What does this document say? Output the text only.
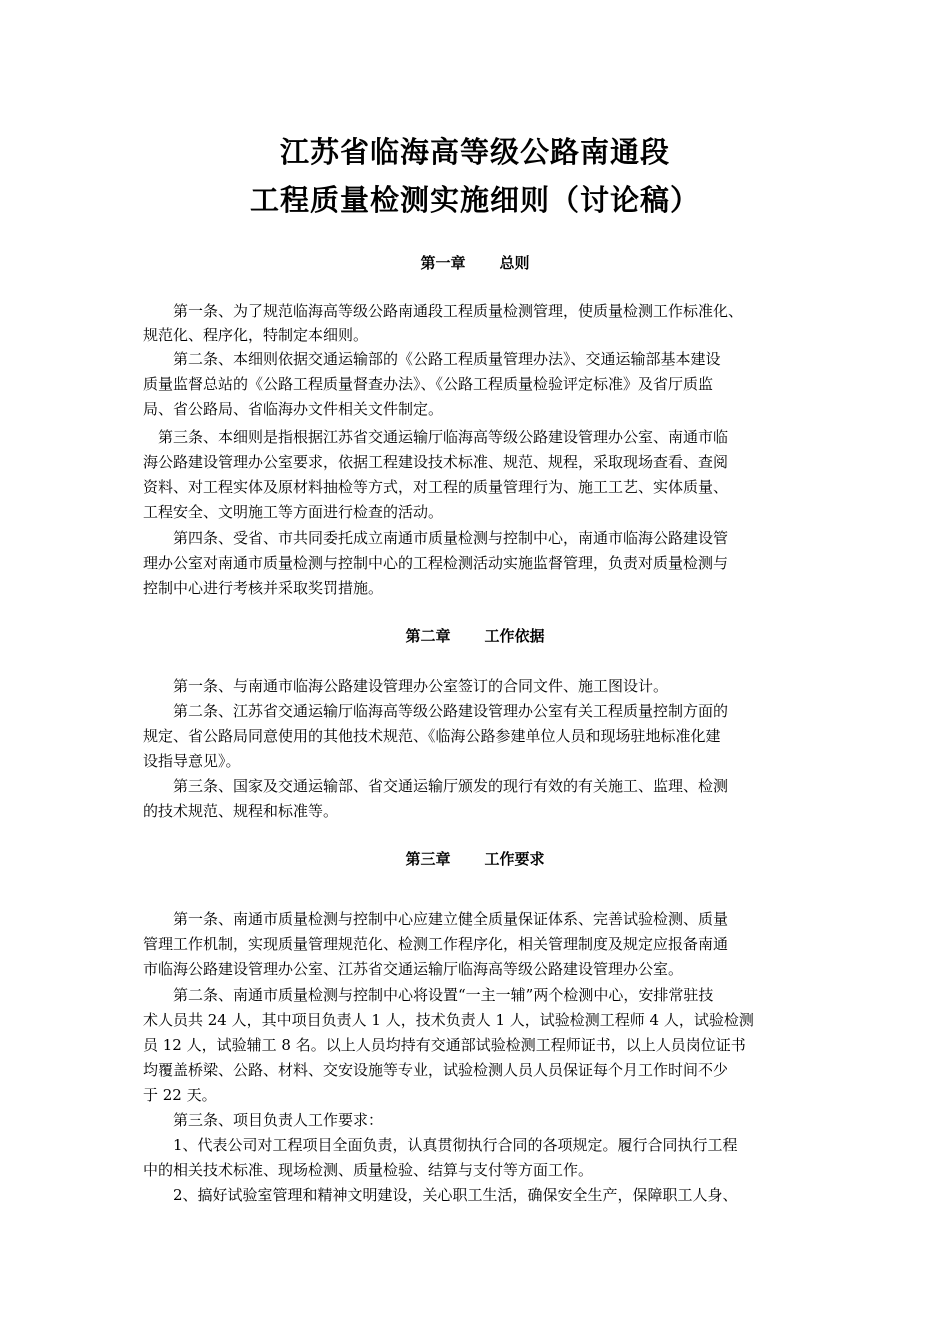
江苏省临海高等级公路南通段
工程质量检测实施细则（讨论稿）
第一章 总则
　　第一条、为了规范临海高等级公路南通段工程质量检测管理，使质量检测工作标准化、
规范化、程序化，特制定本细则。
　　第二条、本细则依据交通运输部的《公路工程质量管理办法》、交通运输部基本建设
质量监督总站的《公路工程质量督查办法》、《公路工程质量检验评定标准》及省厅质监
局、省公路局、省临海办文件相关文件制定。
　第三条、本细则是指根据江苏省交通运输厅临海高等级公路建设管理办公室、南通市临
海公路建设管理办公室要求，依据工程建设技术标准、规范、规程，采取现场查看、查阅
资料、对工程实体及原材料抽检等方式，对工程的质量管理行为、施工工艺、实体质量、
工程安全、文明施工等方面进行检查的活动。
　　第四条、受省、市共同委托成立南通市质量检测与控制中心，南通市临海公路建设管
理办公室对南通市质量检测与控制中心的工程检测活动实施监督管理，负责对质量检测与
控制中心进行考核并采取奖罚措施。
第二章 工作依据
　　第一条、与南通市临海公路建设管理办公室签订的合同文件、施工图设计。
　　第二条、江苏省交通运输厅临海高等级公路建设管理办公室有关工程质量控制方面的
规定、省公路局同意使用的其他技术规范、《临海公路参建单位人员和现场驻地标准化建
设指导意见》。
　　第三条、国家及交通运输部、省交通运输厅颁发的现行有效的有关施工、监理、检测
的技术规范、规程和标准等。
第三章 工作要求
　　第一条、南通市质量检测与控制中心应建立健全质量保证体系、完善试验检测、质量
管理工作机制，实现质量管理规范化、检测工作程序化，相关管理制度及规定应报备南通
市临海公路建设管理办公室、江苏省交通运输厅临海高等级公路建设管理办公室。
　　第二条、南通市质量检测与控制中心将设置“一主一辅”两个检测中心，安排常驻技
术人员共 24 人，其中项目负责人 1 人，技术负责人 1 人，试验检测工程师 4 人，试验检测
员 12 人，试验辅工 8 名。以上人员均持有交通部试验检测工程师证书，以上人员岗位证书
均覆盖桥梁、公路、材料、交安设施等专业，试验检测人员人员保证每个月工作时间不少
于 22 天。
　　第三条、项目负责人工作要求：
　　1、代表公司对工程项目全面负责，认真贯彻执行合同的各项规定。履行合同执行工程
中的相关技术标准、现场检测、质量检验、结算与支付等方面工作。
　　2、搞好试验室管理和精神文明建设，关心职工生活，确保安全生产，保障职工人身、
